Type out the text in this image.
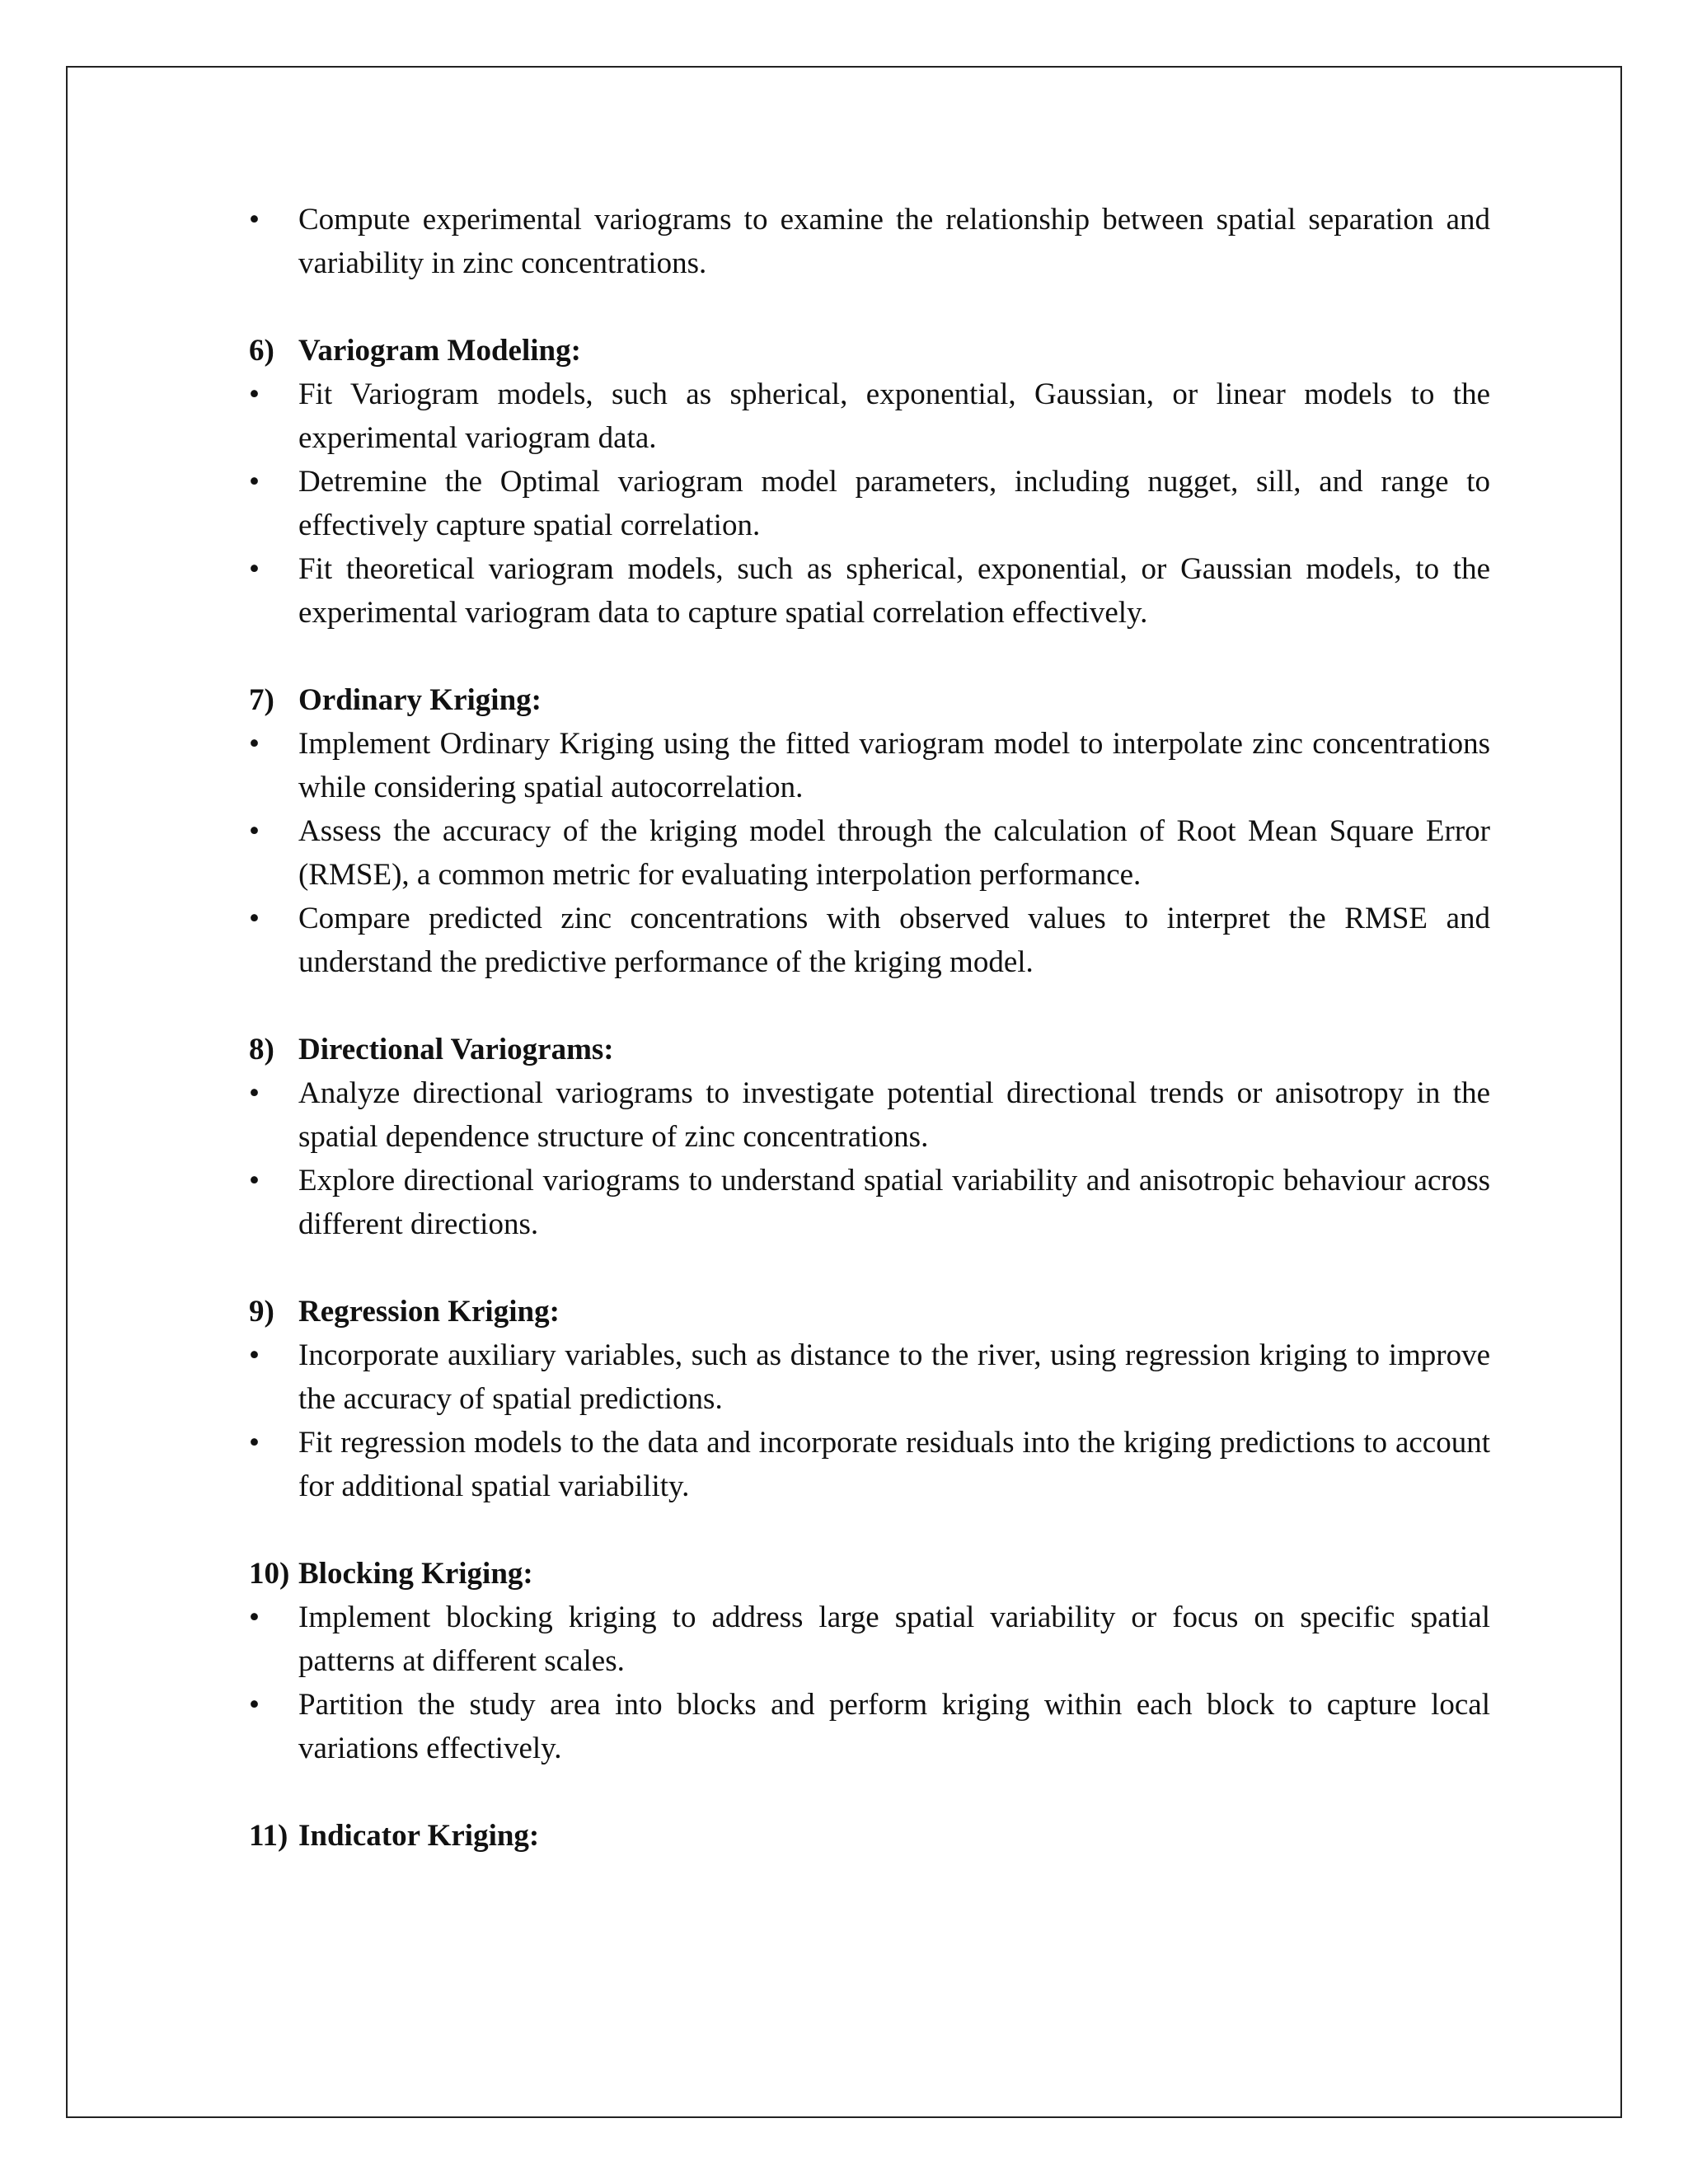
• Compute experimental variograms to examine the relationship between spatial separation and variability in zinc concentrations.
6) Variogram Modeling:
• Fit Variogram models, such as spherical, exponential, Gaussian, or linear models to the experimental variogram data.
• Detremine the Optimal variogram model parameters, including nugget, sill, and range to effectively capture spatial correlation.
• Fit theoretical variogram models, such as spherical, exponential, or Gaussian models, to the experimental variogram data to capture spatial correlation effectively.
7) Ordinary Kriging:
• Implement Ordinary Kriging using the fitted variogram model to interpolate zinc concentrations while considering spatial autocorrelation.
• Assess the accuracy of the kriging model through the calculation of Root Mean Square Error (RMSE), a common metric for evaluating interpolation performance.
• Compare predicted zinc concentrations with observed values to interpret the RMSE and understand the predictive performance of the kriging model.
8) Directional Variograms:
• Analyze directional variograms to investigate potential directional trends or anisotropy in the spatial dependence structure of zinc concentrations.
• Explore directional variograms to understand spatial variability and anisotropic behaviour across different directions.
9) Regression Kriging:
• Incorporate auxiliary variables, such as distance to the river, using regression kriging to improve the accuracy of spatial predictions.
• Fit regression models to the data and incorporate residuals into the kriging predictions to account for additional spatial variability.
10) Blocking Kriging:
• Implement blocking kriging to address large spatial variability or focus on specific spatial patterns at different scales.
• Partition the study area into blocks and perform kriging within each block to capture local variations effectively.
11) Indicator Kriging:
